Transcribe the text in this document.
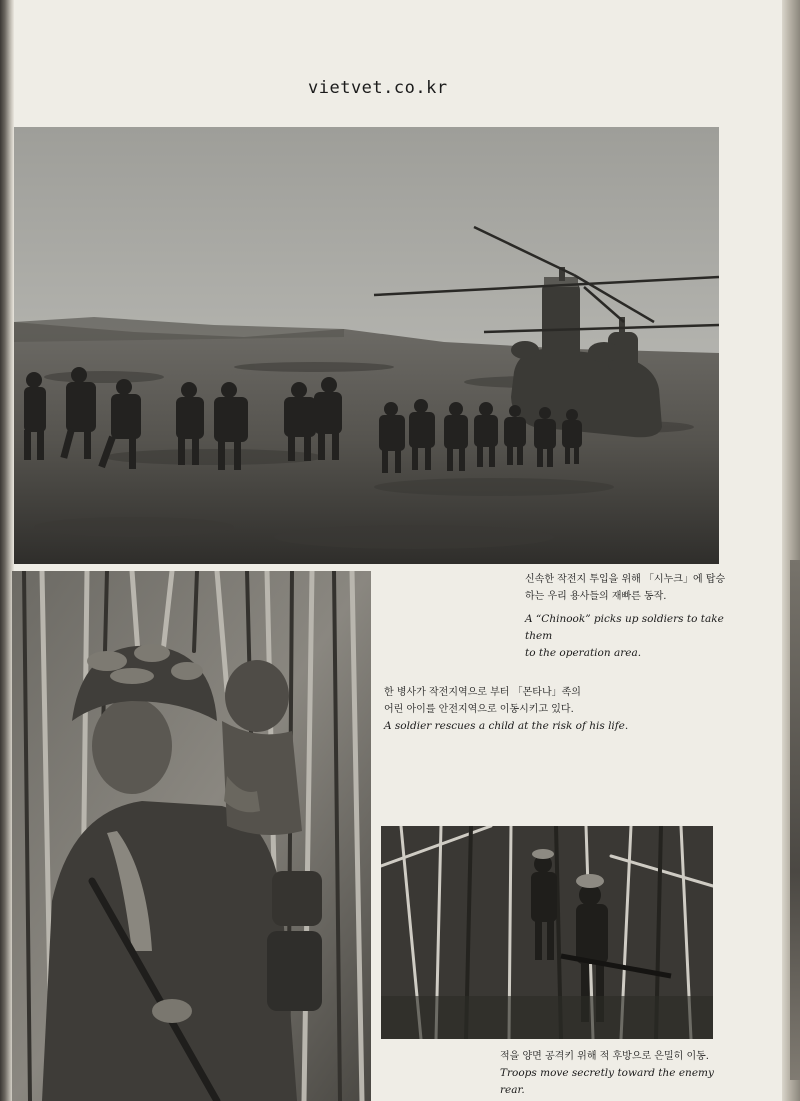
vietvet.co.kr
신속한 작전지 투입을 위해 「시누크」에 탑승
하는 우리 용사들의 재빠른 동작.
A “Chinook” picks up soldiers to take them
to the operation area.
한 병사가 작전지역으로 부터 「몬타나」족의
어린 아이를 안전지역으로 이동시키고 있다.
A soldier rescues a child at the risk of his life.
적을 양면 공격키 위해 적 후방으로 은밀히 이동.
Troops move secretly toward the enemy rear.
